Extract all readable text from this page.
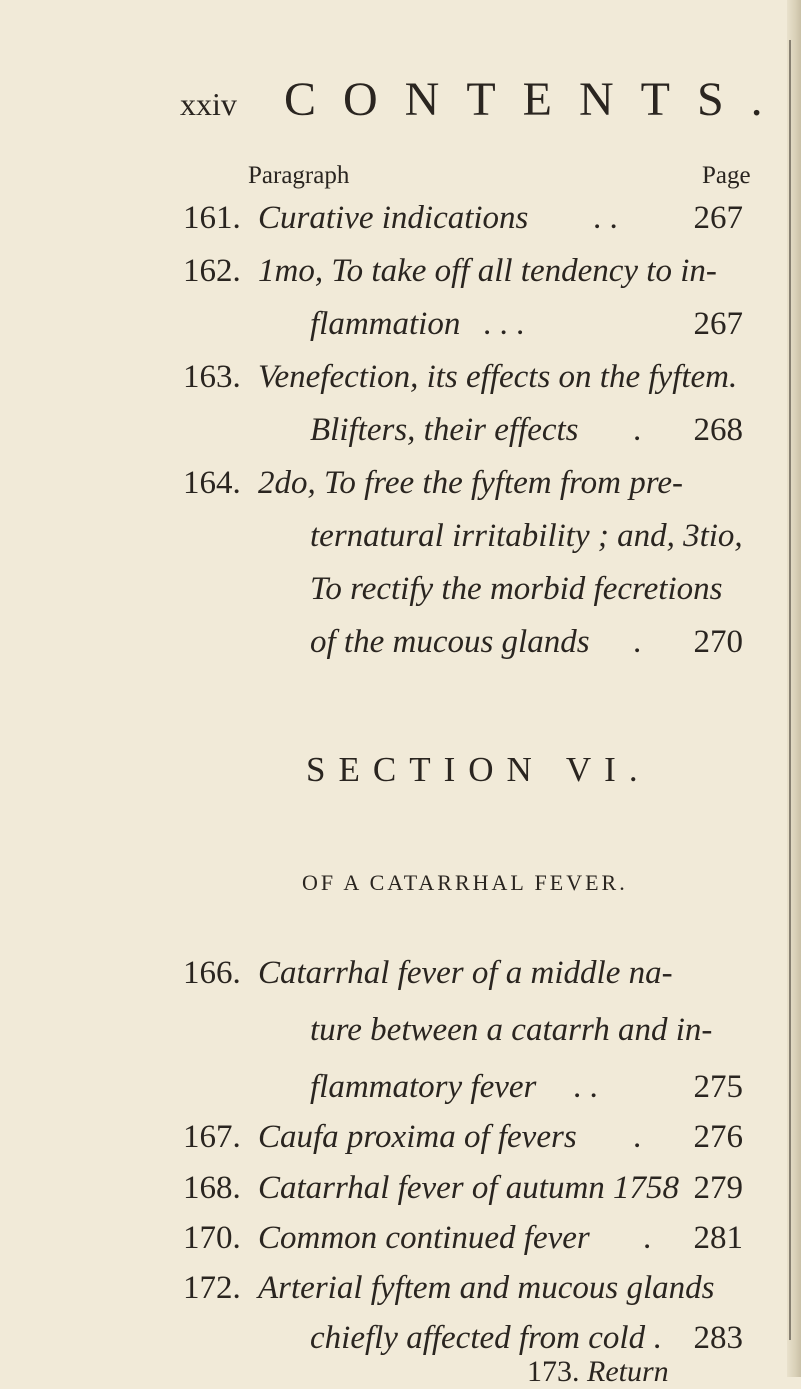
xxiv CONTENTS.
Paragraph	Page
161. Curative indications . . 267
162. 1mo, To take off all tendency to in-
flammation . . .	267
163. Venefection, its effects on the fyftem.
Blifters, their effects . 268
164. 2do, To free the fyftem from pre-
ternatural irritability ; and, 3tio,
To rectify the morbid fecretions
of the mucous glands . 270
SECTION VI.
OF A CATARRHAL FEVER.
166. Catarrhal fever of a middle na-
ture between a catarrh and in-
flammatory fever . .	275
167. Caufa proxima of fevers . 276
168. Catarrhal fever of autumn 1758 279
170. Common continued fever . 281
172. Arterial fyftem and mucous glands
chiefly affected from cold . 283
173. Return
